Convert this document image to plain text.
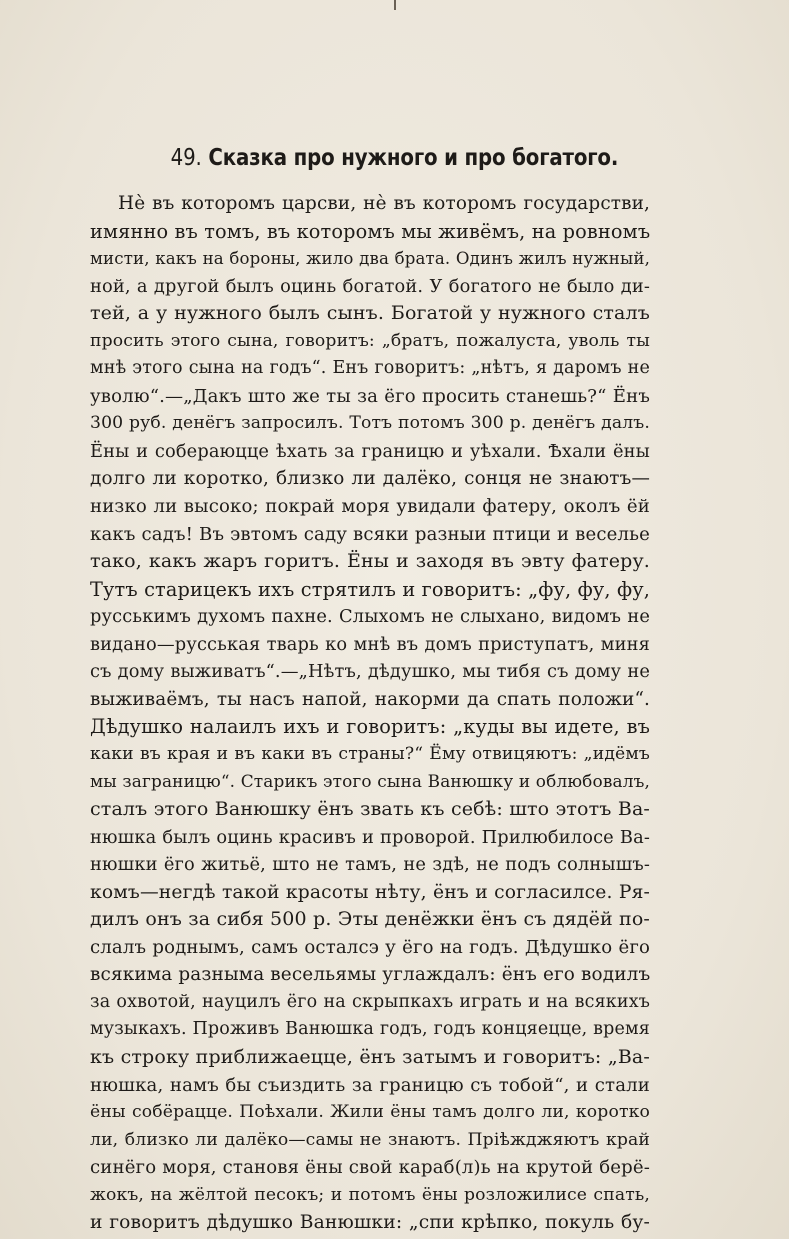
49. Сказка про нужного и про богатого.
Нѐ въ которомъ царсви, нѐ въ которомъ государстви,
имянно въ томъ, въ которомъ мы живёмъ, на ровномъ
мисти, какъ на бороны, жило два брата. Одинъ жилъ нужный,
ной, а другой былъ оцинь богатой. У богатого не было ди-
тей, а у нужного былъ сынъ. Богатой у нужного сталъ
просить этого сына, говоритъ: „братъ, пожалуста, уволь ты
мнѣ этого сына на годъ“. Енъ говоритъ: „нѣтъ, я даромъ не
уволю“.—„Дакъ што же ты за ёго просить станешь?“ Ёнъ
300 руб. денёгъ запросилъ. Тотъ потомъ 300 р. денёгъ далъ.
Ёны и собераюцце ѣхать за границю и уѣхали. Ѣхали ёны
долго ли коротко, близко ли далёко, сонця не знаютъ—
низко ли высоко; покрай моря увидали фатеру, околъ ёй
какъ садъ! Въ эвтомъ саду всяки разныи птици и веселье
тако, какъ жаръ горитъ. Ёны и заходя въ эвту фатеру.
Тутъ старицекъ ихъ стрятилъ и говоритъ: „фу, фу, фу,
русськимъ духомъ пахне. Слыхомъ не слыхано, видомъ не
видано—русськая тварь ко мнѣ въ домъ приступатъ, миня
съ дому выживатъ“.—„Нѣтъ, дѣдушко, мы тибя съ дому не
выживаёмъ, ты насъ напой, накорми да спать положи“.
Дѣдушко налаилъ ихъ и говоритъ: „куды вы идете, въ
каки въ края и въ каки въ страны?“ Ёму отвицяютъ: „идёмъ
мы заграницю“. Старикъ этого сына Ванюшку и облюбовалъ,
сталъ этого Ванюшку ёнъ звать къ себѣ: што этотъ Ва-
нюшка былъ оцинь красивъ и проворой. Прилюбилосе Ва-
нюшки ёго житьё, што не тамъ, не здѣ, не подъ солнышъ-
комъ—негдѣ такой красоты нѣту, ёнъ и согласилсе. Ря-
дилъ онъ за сибя 500 р. Эты денёжки ёнъ съ дядёй по-
слалъ роднымъ, самъ осталсэ у ёго на годъ. Дѣдушко ёго
всякима разныма весельямы углаждалъ: ёнъ его водилъ
за охвотой, науцилъ ёго на скрыпкахъ играть и на всякихъ
музыкахъ. Проживъ Ванюшка годъ, годъ концяецце, время
къ строку приближаецце, ёнъ затымъ и говоритъ: „Ва-
нюшка, намъ бы съиздить за границю съ тобой“, и стали
ёны собёрацце. Поѣхали. Жили ёны тамъ долго ли, коротко
ли, близко ли далёко—самы не знаютъ. Пріѣжджяютъ край
синёго моря, становя ёны свой караб(л)ь на крутой берё-
жокъ, на жёлтой песокъ; и потомъ ёны розложилисе спать,
и говоритъ дѣдушко Ванюшки: „спи крѣпко, покуль бу-
